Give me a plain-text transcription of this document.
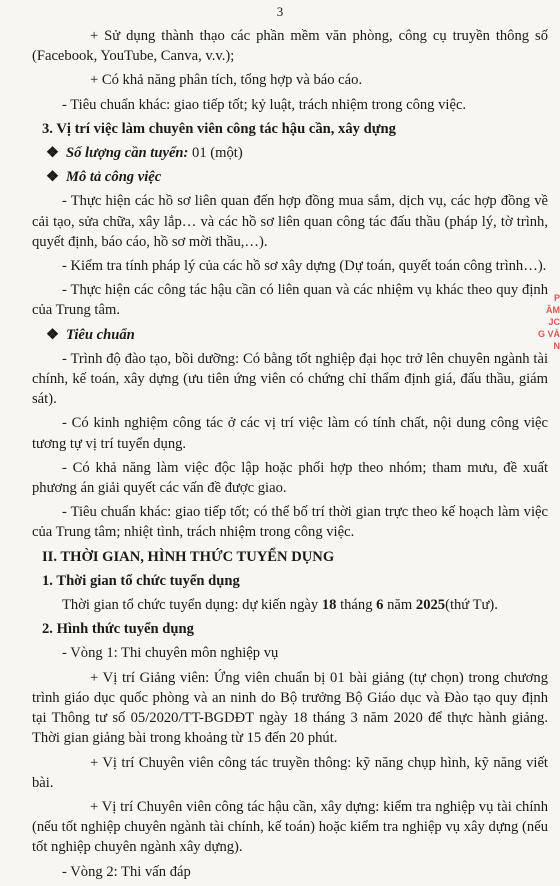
3

+ Sử dụng thành thạo các phần mềm văn phòng, công cụ truyền thông số (Facebook, YouTube, Canva, v.v.);

+ Có khả năng phân tích, tổng hợp và báo cáo.

- Tiêu chuẩn khác: giao tiếp tốt; kỷ luật, trách nhiệm trong công việc.

3. Vị trí việc làm chuyên viên công tác hậu cần, xây dựng

❖ Số lượng cần tuyển: 01 (một)

❖ Mô tả công việc

- Thực hiện các hồ sơ liên quan đến hợp đồng mua sắm, dịch vụ, các hợp đồng về cải tạo, sửa chữa, xây lắp… và các hồ sơ liên quan công tác đấu thầu (pháp lý, tờ trình, quyết định, báo cáo, hồ sơ mời thầu,…).

- Kiểm tra tính pháp lý của các hồ sơ xây dựng (Dự toán, quyết toán công trình…).

- Thực hiện các công tác hậu cần có liên quan và các nhiệm vụ khác theo quy định của Trung tâm.

❖ Tiêu chuẩn

- Trình độ đào tạo, bồi dưỡng: Có bằng tốt nghiệp đại học trở lên chuyên ngành tài chính, kế toán, xây dựng (ưu tiên ứng viên có chứng chỉ thẩm định giá, đấu thầu, giám sát).

- Có kinh nghiệm công tác ở các vị trí việc làm có tính chất, nội dung công việc tương tự vị trí tuyển dụng.

- Có khả năng làm việc độc lập hoặc phối hợp theo nhóm; tham mưu, đề xuất phương án giải quyết các vấn đề được giao.

- Tiêu chuẩn khác: giao tiếp tốt; có thể bố trí thời gian trực theo kế hoạch làm việc của Trung tâm; nhiệt tình, trách nhiệm trong công việc.

II. THỜI GIAN, HÌNH THỨC TUYỂN DỤNG

1. Thời gian tổ chức tuyển dụng

Thời gian tổ chức tuyển dụng: dự kiến ngày 18 tháng 6 năm 2025(thứ Tư).

2. Hình thức tuyển dụng

- Vòng 1: Thi chuyên môn nghiệp vụ

+ Vị trí Giảng viên: Ứng viên chuẩn bị 01 bài giảng (tự chọn) trong chương trình giáo dục quốc phòng và an ninh do Bộ trưởng Bộ Giáo dục và Đào tạo quy định tại Thông tư số 05/2020/TT-BGDĐT ngày 18 tháng 3 năm 2020 để thực hành giảng. Thời gian giảng bài trong khoảng từ 15 đến 20 phút.

+ Vị trí Chuyên viên công tác truyền thông: kỹ năng chụp hình, kỹ năng viết bài.

+ Vị trí Chuyên viên công tác hậu cần, xây dựng: kiểm tra nghiệp vụ tài chính (nếu tốt nghiệp chuyên ngành tài chính, kế toán) hoặc kiểm tra nghiệp vụ xây dựng (nếu tốt nghiệp chuyên ngành xây dựng).

- Vòng 2: Thi vấn đáp

P
ÂM
JC
G VÀ
N
